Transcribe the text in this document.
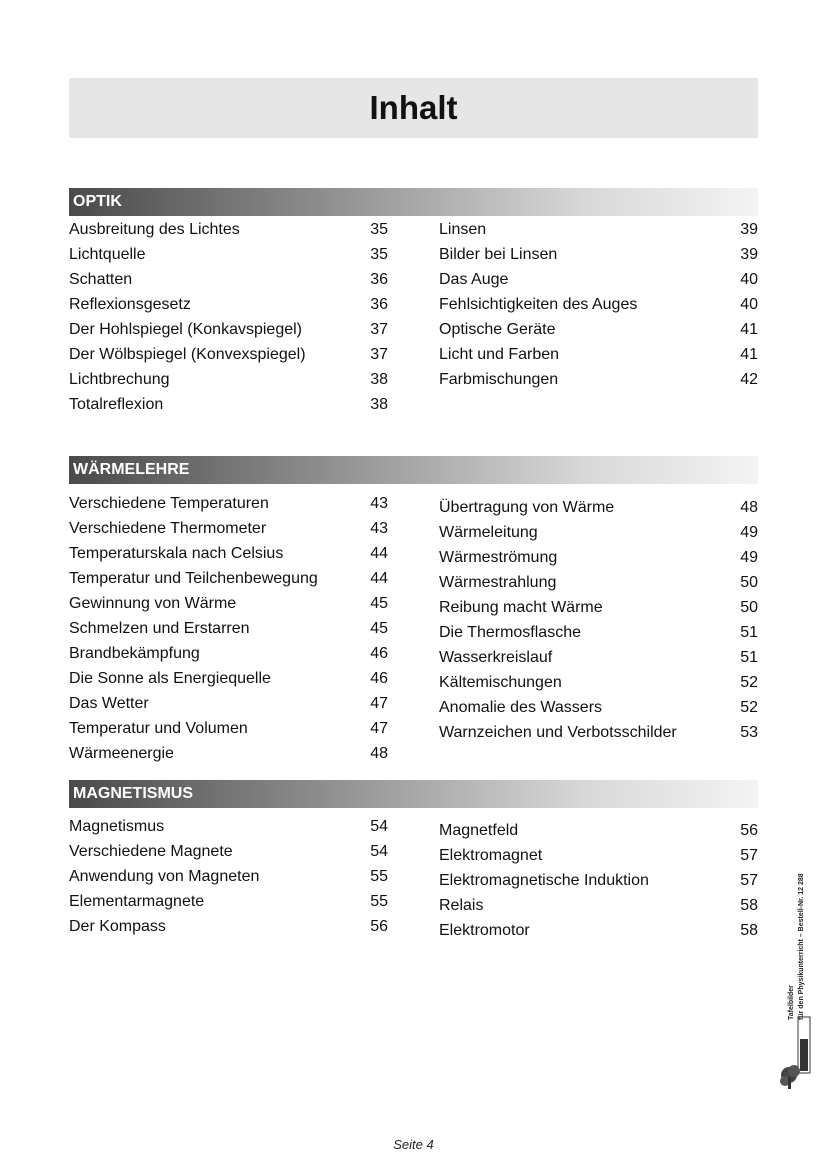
Inhalt
OPTIK
Ausbreitung des Lichtes	35
Lichtquelle	35
Schatten	36
Reflexionsgesetz	36
Der Hohlspiegel (Konkavspiegel)	37
Der Wölbspiegel (Konvexspiegel)	37
Lichtbrechung	38
Totalreflexion	38
Linsen	39
Bilder bei Linsen	39
Das Auge	40
Fehlsichtigkeiten des Auges	40
Optische Geräte	41
Licht und Farben	41
Farbmischungen	42
WÄRMELEHRE
Verschiedene Temperaturen	43
Verschiedene Thermometer	43
Temperaturskala nach Celsius	44
Temperatur und Teilchenbewegung	44
Gewinnung von Wärme	45
Schmelzen und Erstarren	45
Brandbekämpfung	46
Die Sonne als Energiequelle	46
Das Wetter	47
Temperatur und Volumen	47
Wärmeenergie	48
Übertragung von Wärme	48
Wärmeleitung	49
Wärmeströmung	49
Wärmestrahlung	50
Reibung macht Wärme	50
Die Thermosflasche	51
Wasserkreislauf	51
Kältemischungen	52
Anomalie des Wassers	52
Warnzeichen und Verbotsschilder	53
MAGNETISMUS
Magnetismus	54
Verschiedene Magnete	54
Anwendung von Magneten	55
Elementarmagnete	55
Der Kompass	56
Magnetfeld	56
Elektromagnet	57
Elektromagnetische Induktion	57
Relais	58
Elektromotor	58
Tafelbilder für den Physikunterricht – Bestell-Nr. 12 288
Seite 4
